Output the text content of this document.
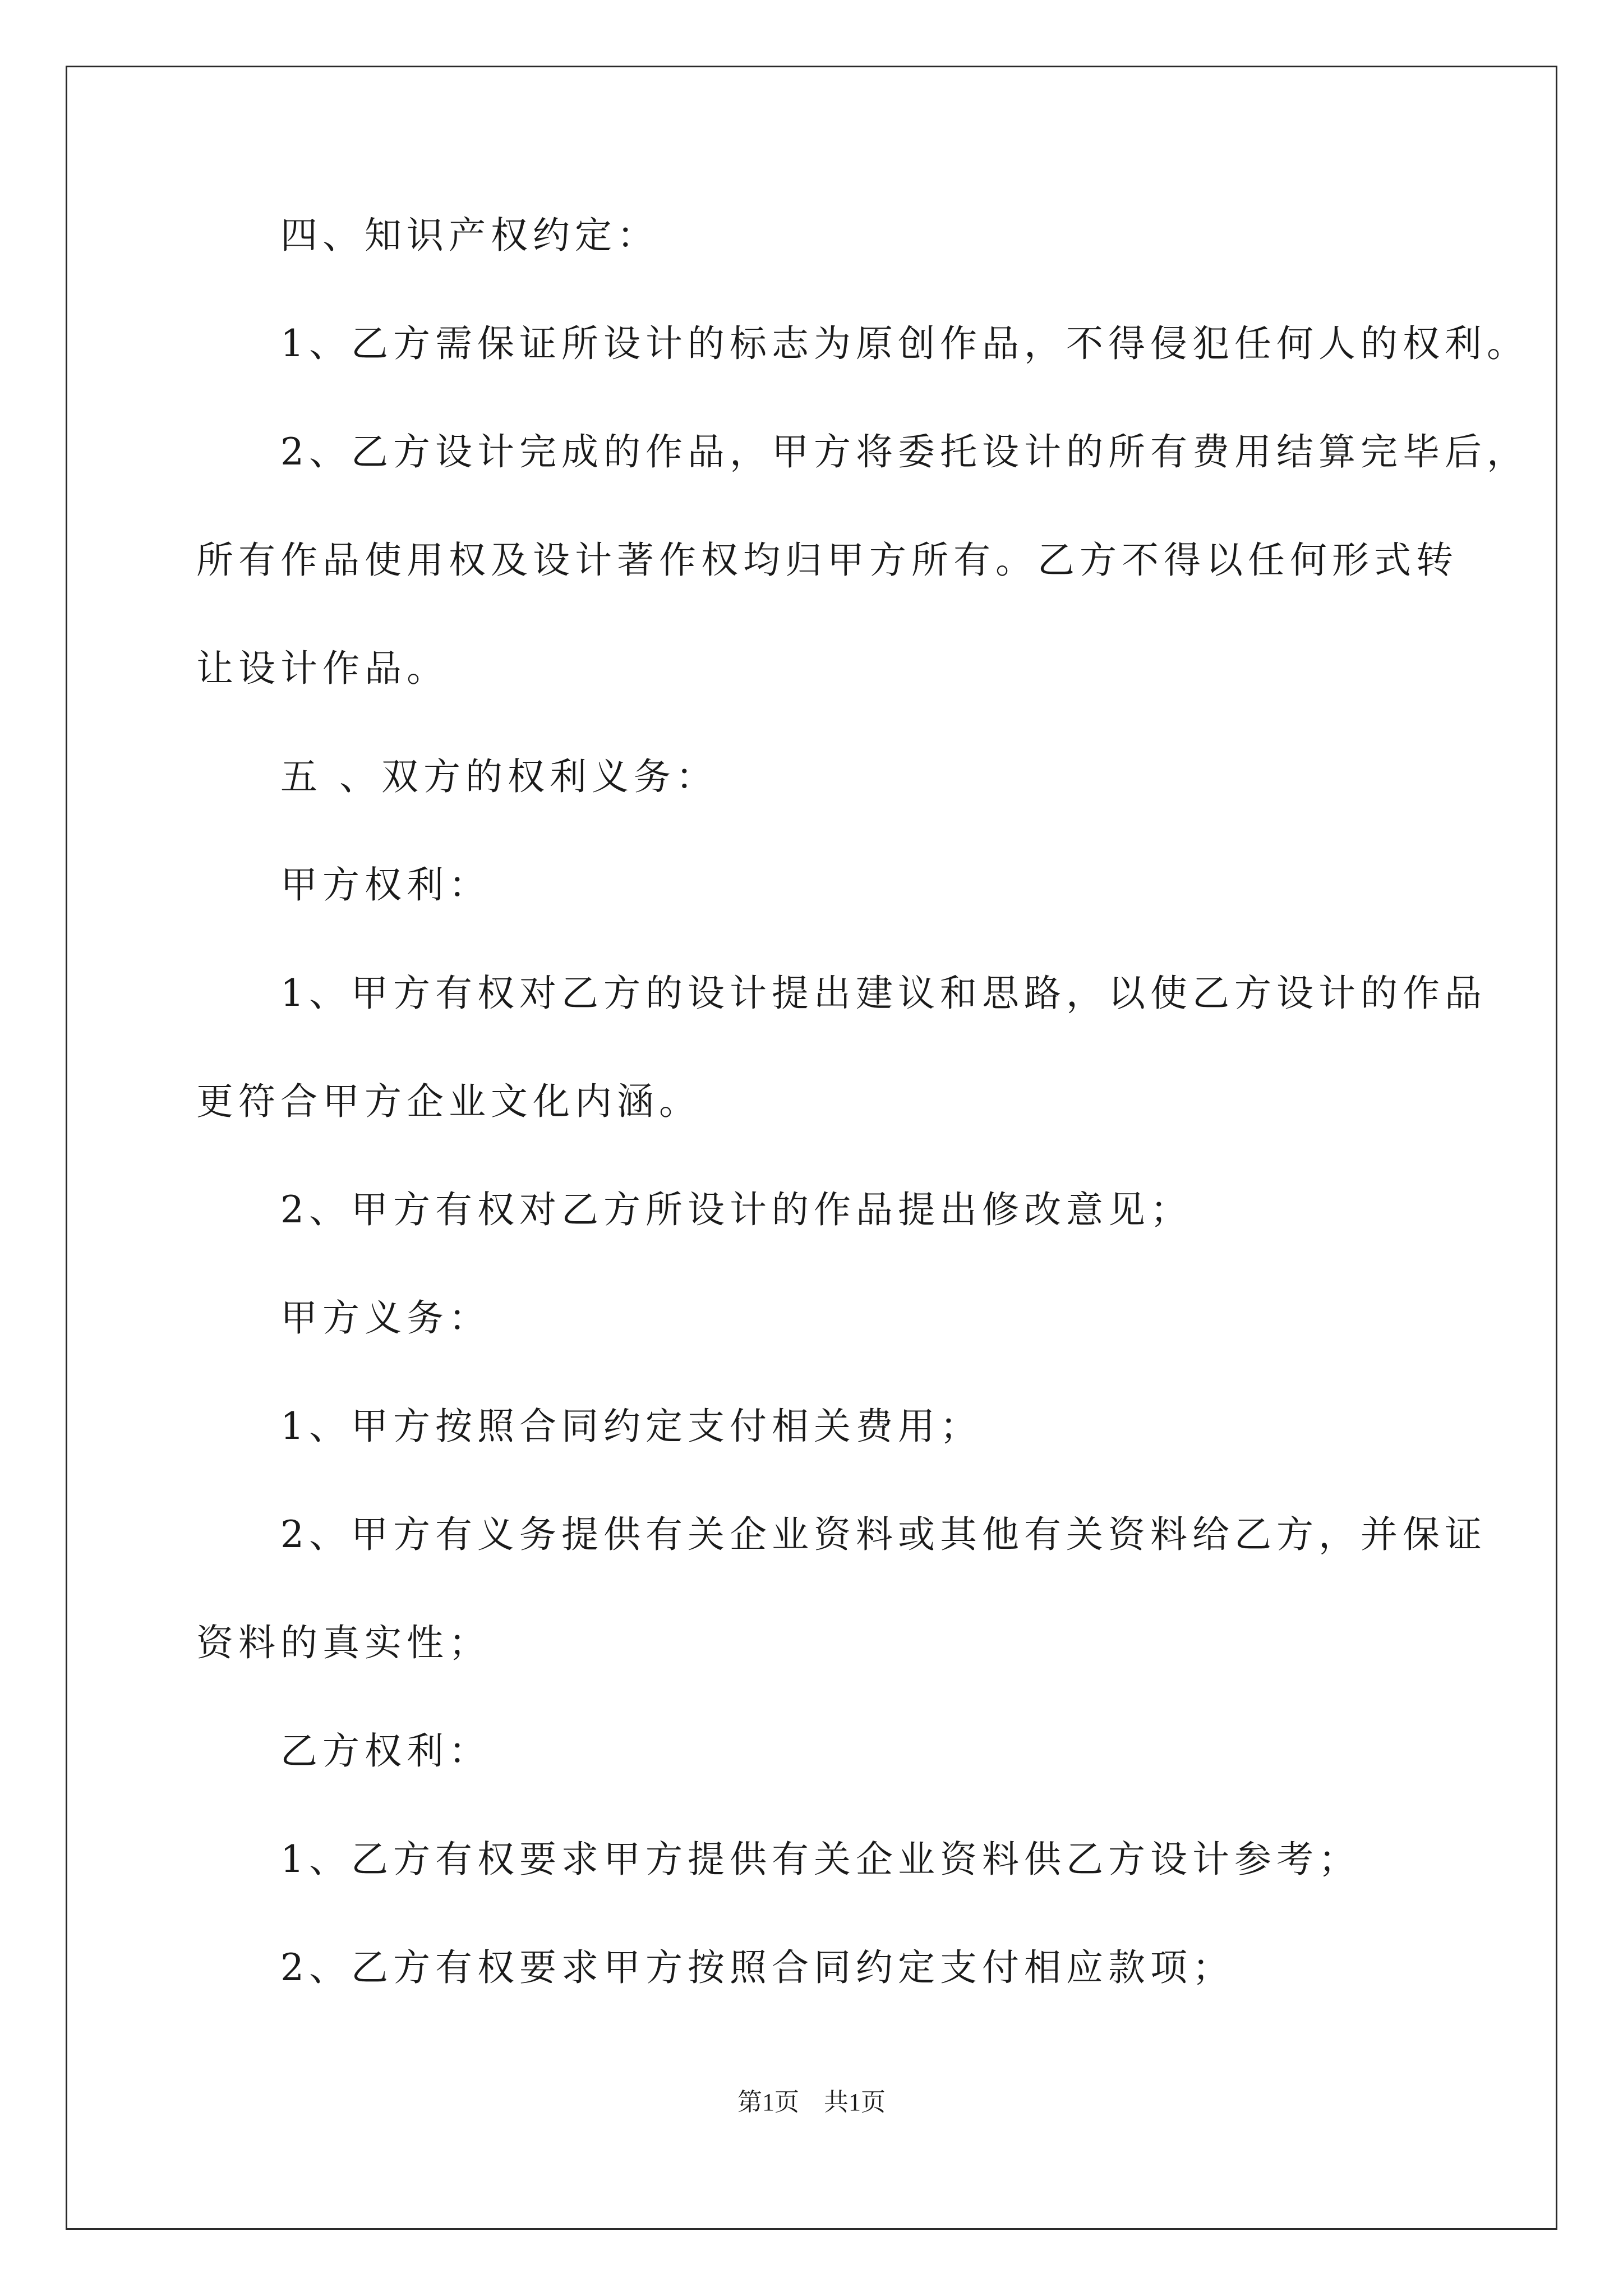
四、知识产权约定：
1、乙方需保证所设计的标志为原创作品，不得侵犯任何人的权利。
2、乙方设计完成的作品，甲方将委托设计的所有费用结算完毕后，
所有作品使用权及设计著作权均归甲方所有。乙方不得以任何形式转
让设计作品。
五 、双方的权利义务：
甲方权利：
1、甲方有权对乙方的设计提出建议和思路，以使乙方设计的作品
更符合甲方企业文化内涵。
2、甲方有权对乙方所设计的作品提出修改意见；
甲方义务：
1、甲方按照合同约定支付相关费用；
2、甲方有义务提供有关企业资料或其他有关资料给乙方，并保证
资料的真实性；
乙方权利：
1、乙方有权要求甲方提供有关企业资料供乙方设计参考；
2、乙方有权要求甲方按照合同约定支付相应款项；
第1页　共1页
